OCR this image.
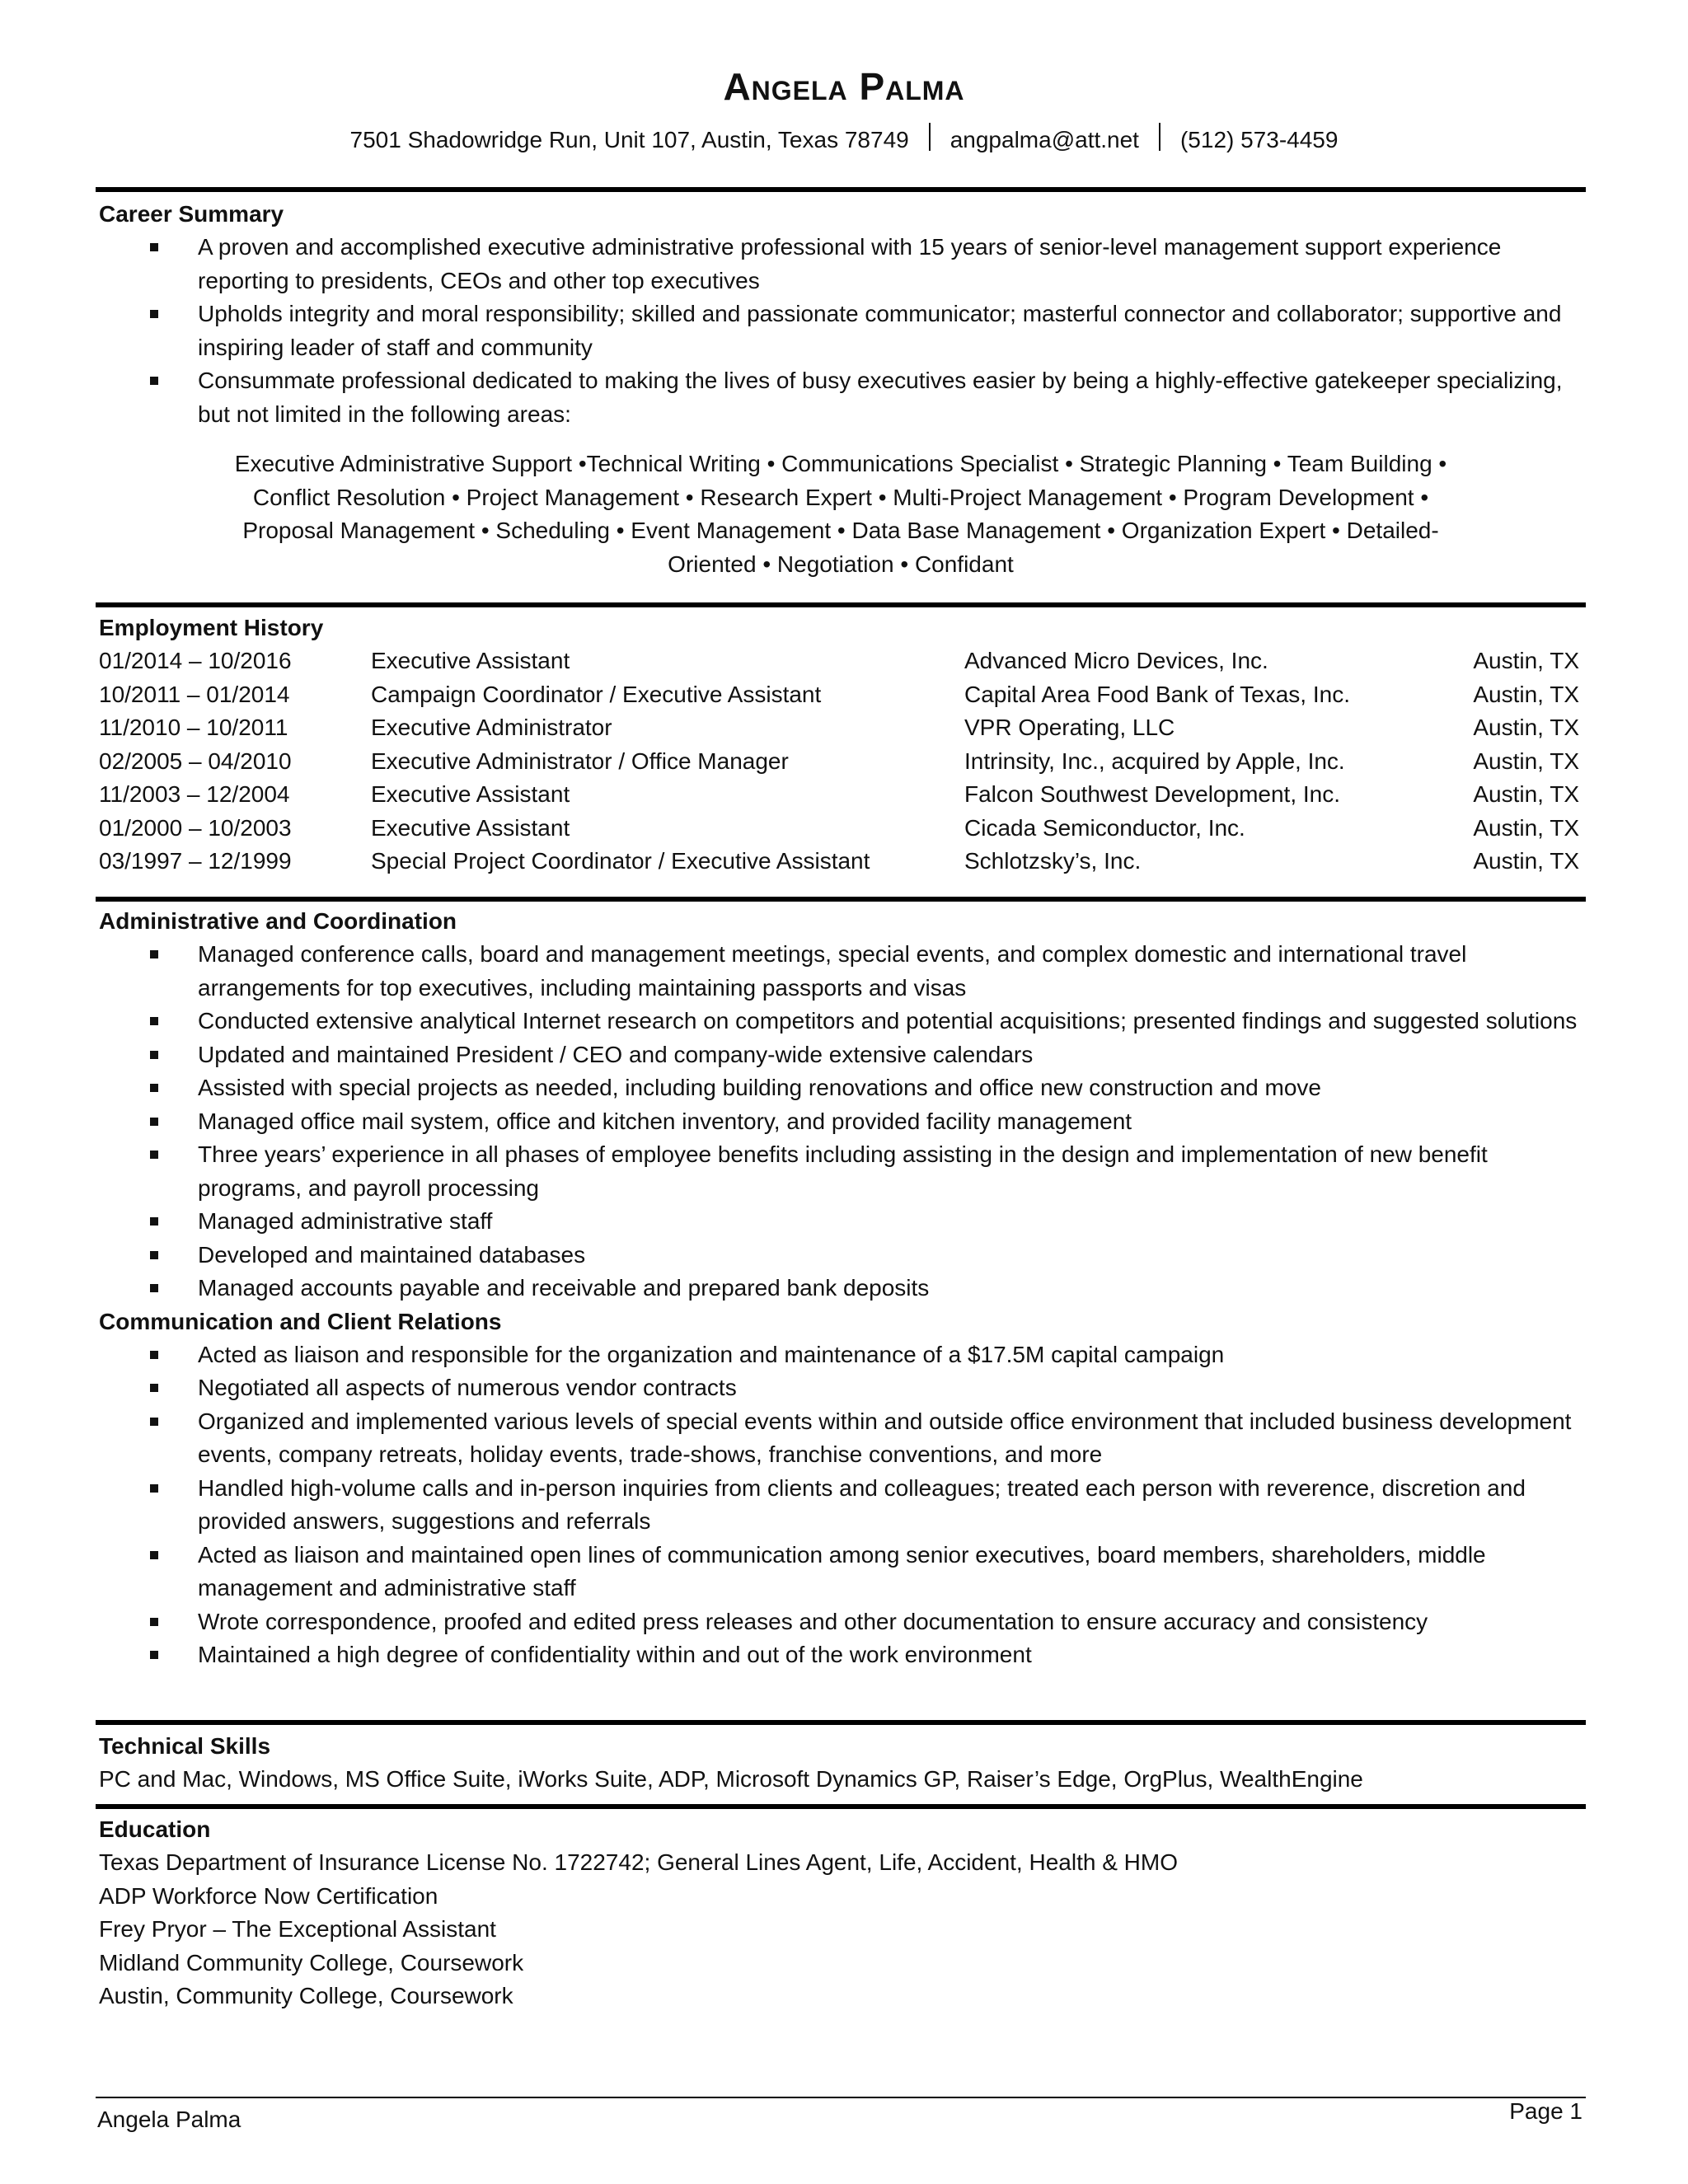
Angela Palma
7501 Shadowridge Run, Unit 107, Austin, Texas 78749 angpalma@att.net (512) 573-4459
Career Summary
A proven and accomplished executive administrative professional with 15 years of senior-level management support experience reporting to presidents, CEOs and other top executives
Upholds integrity and moral responsibility; skilled and passionate communicator; masterful connector and collaborator; supportive and inspiring leader of staff and community
Consummate professional dedicated to making the lives of busy executives easier by being a highly-effective gatekeeper specializing, but not limited in the following areas:
Executive Administrative Support •Technical Writing • Communications Specialist • Strategic Planning • Team Building • Conflict Resolution • Project Management • Research Expert • Multi-Project Management • Program Development • Proposal Management • Scheduling • Event Management • Data Base Management • Organization Expert • Detailed-Oriented • Negotiation • Confidant
Employment History
01/2014 – 10/2016	Executive Assistant	Advanced Micro Devices, Inc.	Austin, TX
10/2011 – 01/2014	Campaign Coordinator / Executive Assistant	Capital Area Food Bank of Texas, Inc.	Austin, TX
11/2010 – 10/2011	Executive Administrator	VPR Operating, LLC	Austin, TX
02/2005 – 04/2010	Executive Administrator / Office Manager	Intrinsity, Inc., acquired by Apple, Inc.	Austin, TX
11/2003 – 12/2004	Executive Assistant	Falcon Southwest Development, Inc.	Austin, TX
01/2000 – 10/2003	Executive Assistant	Cicada Semiconductor, Inc.	Austin, TX
03/1997 – 12/1999	Special Project Coordinator / Executive Assistant	Schlotzsky’s, Inc.	Austin, TX
Administrative and Coordination
Managed conference calls, board and management meetings, special events, and complex domestic and international travel arrangements for top executives, including maintaining passports and visas
Conducted extensive analytical Internet research on competitors and potential acquisitions; presented findings and suggested solutions
Updated and maintained President / CEO and company-wide extensive calendars
Assisted with special projects as needed, including building renovations and office new construction and move
Managed office mail system, office and kitchen inventory, and provided facility management
Three years’ experience in all phases of employee benefits including assisting in the design and implementation of new benefit programs, and payroll processing
Managed administrative staff
Developed and maintained databases
Managed accounts payable and receivable and prepared bank deposits
Communication and Client Relations
Acted as liaison and responsible for the organization and maintenance of a $17.5M capital campaign
Negotiated all aspects of numerous vendor contracts
Organized and implemented various levels of special events within and outside office environment that included business development events, company retreats, holiday events, trade-shows, franchise conventions, and more
Handled high-volume calls and in-person inquiries from clients and colleagues; treated each person with reverence, discretion and provided answers, suggestions and referrals
Acted as liaison and maintained open lines of communication among senior executives, board members, shareholders, middle management and administrative staff
Wrote correspondence, proofed and edited press releases and other documentation to ensure accuracy and consistency
Maintained a high degree of confidentiality within and out of the work environment
Technical Skills
PC and Mac, Windows, MS Office Suite, iWorks Suite, ADP, Microsoft Dynamics GP, Raiser’s Edge, OrgPlus, WealthEngine
Education
Texas Department of Insurance License No. 1722742; General Lines Agent, Life, Accident, Health & HMO
ADP Workforce Now Certification
Frey Pryor – The Exceptional Assistant
Midland Community College, Coursework
Austin, Community College, Coursework
Angela Palma	Page 1
